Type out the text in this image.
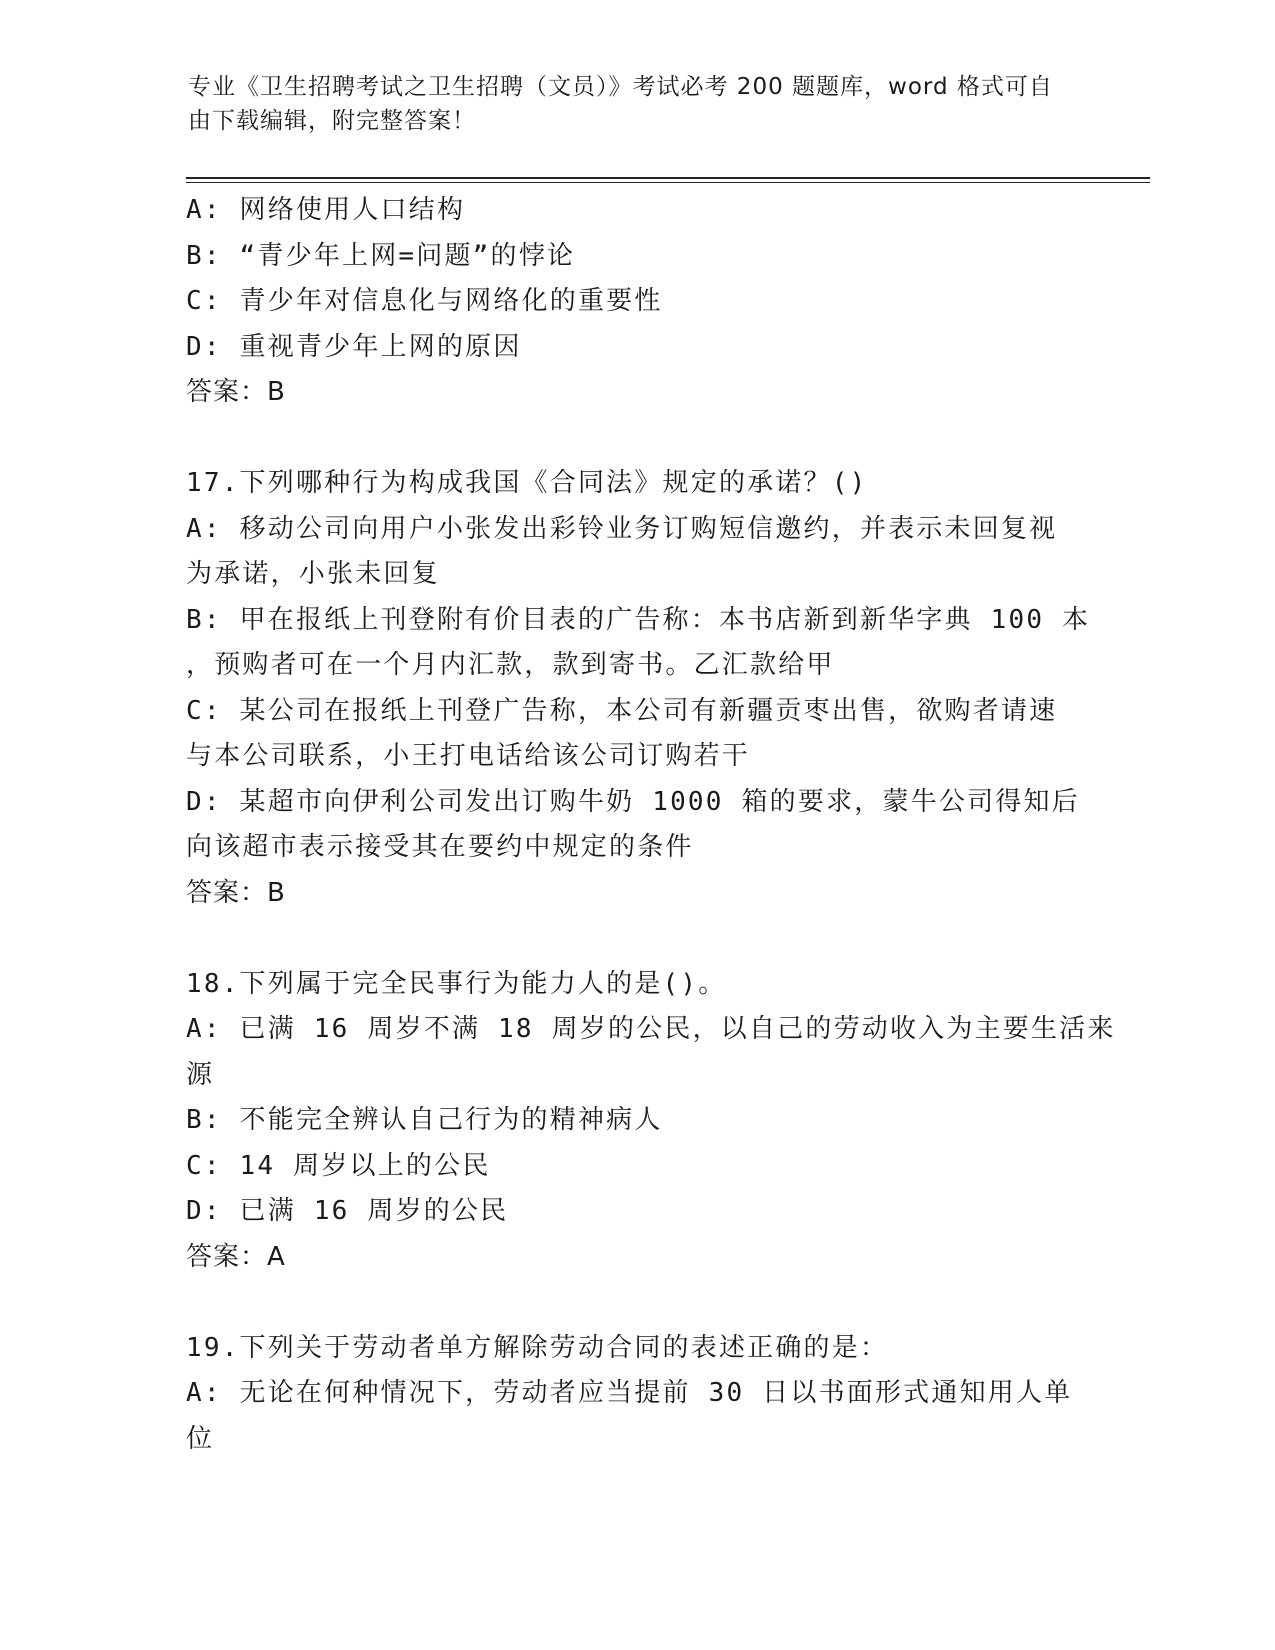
专业《卫生招聘考试之卫生招聘（文员）》考试必考 200 题题库，word 格式可自
由下载编辑，附完整答案！
A: 网络使用人口结构
B: “青少年上网=问题”的悖论
C: 青少年对信息化与网络化的重要性
D: 重视青少年上网的原因
答案：B
17.下列哪种行为构成我国《合同法》规定的承诺？()
A: 移动公司向用户小张发出彩铃业务订购短信邀约，并表示未回复视
为承诺，小张未回复
B: 甲在报纸上刊登附有价目表的广告称：本书店新到新华字典 100 本
，预购者可在一个月内汇款，款到寄书。乙汇款给甲
C: 某公司在报纸上刊登广告称，本公司有新疆贡枣出售，欲购者请速
与本公司联系，小王打电话给该公司订购若干
D: 某超市向伊利公司发出订购牛奶 1000 箱的要求，蒙牛公司得知后
向该超市表示接受其在要约中规定的条件
答案：B
18.下列属于完全民事行为能力人的是()。
A: 已满 16 周岁不满 18 周岁的公民，以自己的劳动收入为主要生活来
源
B: 不能完全辨认自己行为的精神病人
C: 14 周岁以上的公民
D: 已满 16 周岁的公民
答案：A
19.下列关于劳动者单方解除劳动合同的表述正确的是：
A: 无论在何种情况下，劳动者应当提前 30 日以书面形式通知用人单
位
